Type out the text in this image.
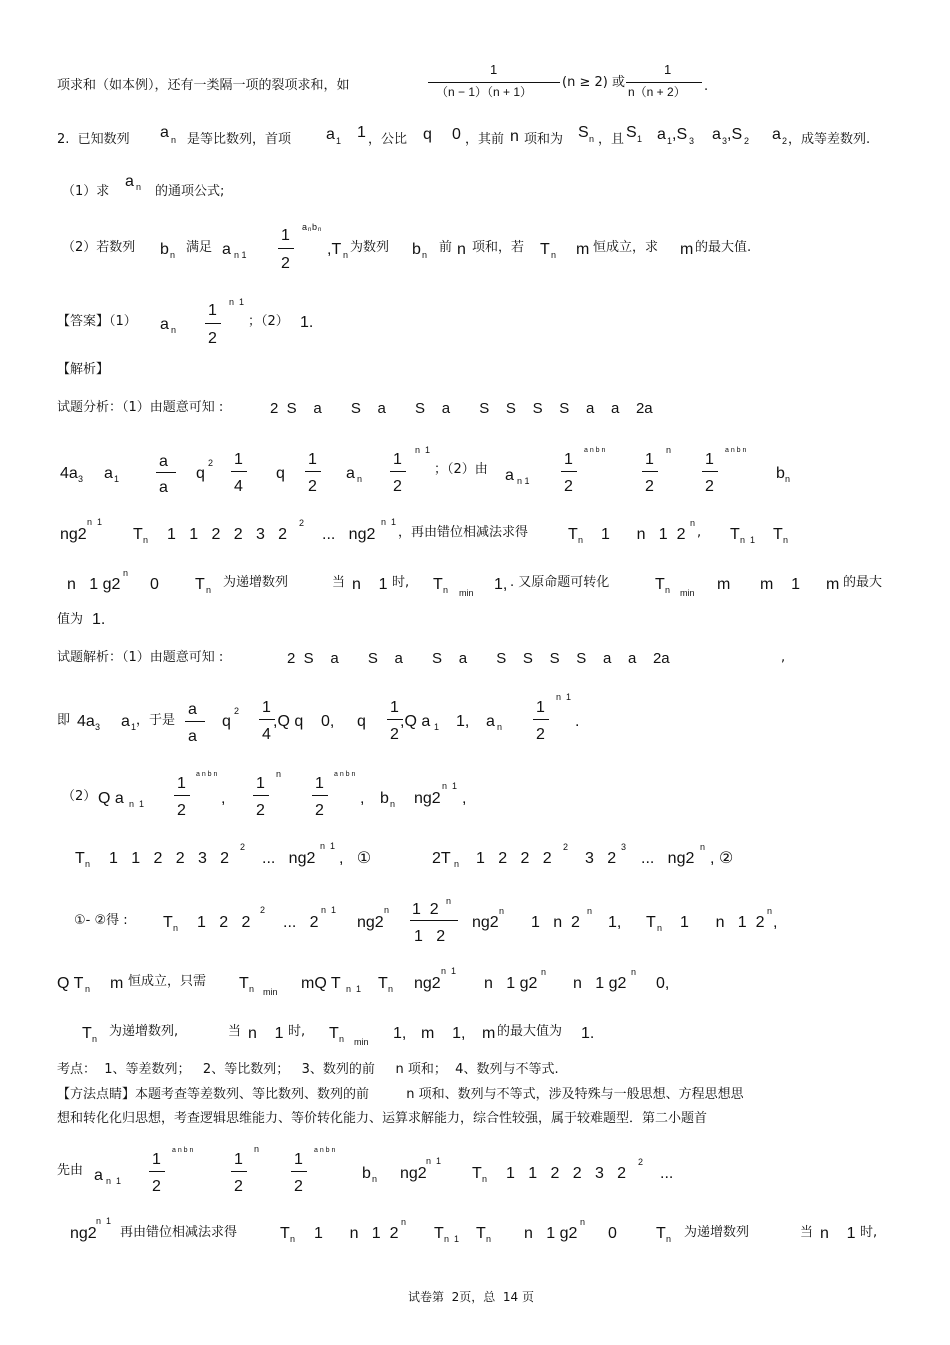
项求和（如本例），还有一类隔一项的裂项求和，如
1
（n − 1）（n + 1）
(n ≥ 2) 或
1
n（n + 2） .
2.  已知数列 a n 是等比数列，首项 a 1 1 ，公比 q 0 ，其前 n 项和为 S n ，且 S 1 a 1 ,S 3 a 3 ,S 2 a 2 ，成等差数列.
（1）求
a n 的通项公式;
（2）若数列 b n 满足 a n 1
1
2
a n b n
,T n 为数列 b n 前 n 项和，若 T n m 恒成立，求 m 的最大值.
【答案】（1） a n
1
2
n  1
；（2） 1.
【解析】
试题分析：（1）由题意可知 :	2  S    a       S    a       S    a       S    S    S    S    a    a    2a
4a 3 a 1
a
a
q
2 1
4
q
1
2
a n
1
2
n  1
；（2）由 a n 1
1
2
a n b n
1
2
n
1
2
a n b n
b n
ng2
n  1
T n 1   1   2   2   3   2
2
...   ng2
n  1
，再由错位相减法求得 T n 1      n   1  2
n
, T n  1 T n
n   1 g2
n
0 T n 为递增数列	当 n    1 时, T n min 1, . 又原命题可转化	T n min m m    1 m 的最大
值为 1.
试题解析：（1）由题意可知 :	2  S    a       S    a       S    a       S    S    S    S    a    a    2a	,
即 4a 3 a 1 ，于是
a
a
q
2 1
4
,Q q    0, q
1
2
,Q a 1 1, a n
1
2
n  1
.
（2） Q a n  1
1
2
a n b n
,
1
2
n
1
2
a n b n
, b n ng2
n  1
,
T n 1   1   2   2   3   2
2
...   ng2
n  1
,   ①	2T n 1   2   2   2
2
3   2
3
...   ng2
n
, ②
①- ②得 : T n 1   2   2
2
...   2
n  1
ng2
n 1  2 n
1   2
ng2
n
1   n  2
n
1, T n 1      n   1  2
n
,
Q T n m 恒成立，只需 T n min mQ T n  1 T n ng2
n  1
n   1 g2
n
n   1 g2
n
0,
T n 为递增数列,	当 n    1 时, T n min 1, m    1, m 的最大值为 1.
考点：  1、等差数列；   2、等比数列；   3、数列的前     n 项和；  4、数列与不等式.
【方法点睛】本题考查等差数列、等比数列、数列的前         n 项和、数列与不等式，涉及特殊与一般思想、方程思想思
想和转化化归思想，考查逻辑思维能力、等价转化能力、运算求解能力，综合性较强，属于较难题型．第二小题首
先由 a n  1
1
2
a n b n
1
2
n
1
2
a n b n
b n ng2
n  1
T n 1   1   2   2   3   2
2
...
ng2
n  1
再由错位相减法求得	T n 1      n   1  2
n
T n  1 T n n   1 g2
n
0 T n 为递增数列	当 n    1 时,
试卷第  2页，总  14 页
